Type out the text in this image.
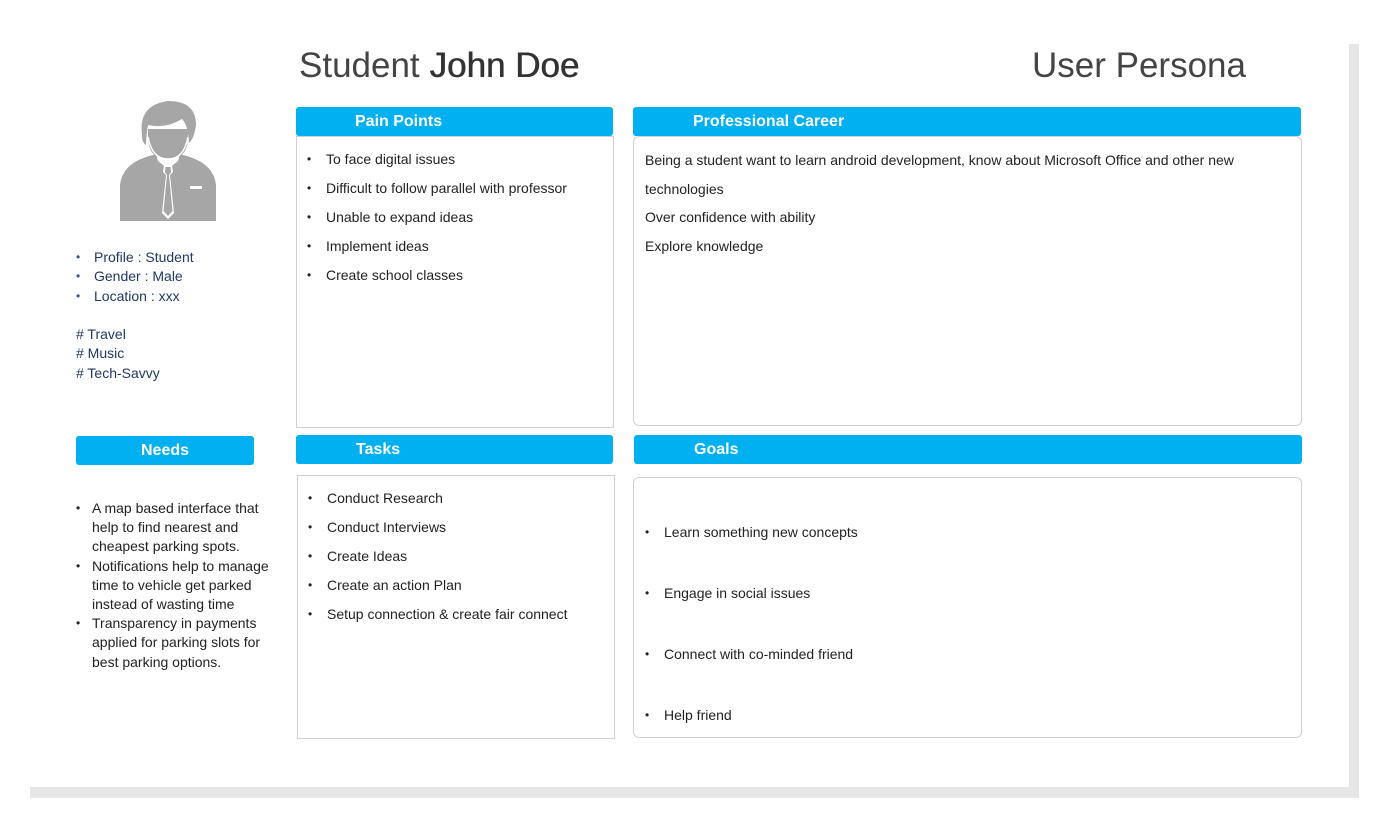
Student John Doe	User Persona
• Profile : Student
• Gender : Male
• Location : xxx
# Travel
# Music
# Tech-Savvy
Pain Points
• To face digital issues
• Difficult to follow parallel with professor
• Unable to expand ideas
• Implement ideas
• Create school classes
Professional Career

Being a student want to learn android development, know about Microsoft Office and other new

technologies

Over confidence with ability

Explore knowledge

Needs
• A map based interface that help to find nearest and cheapest parking spots.
• Notifications help to manage time to vehicle get parked instead of wasting time
• Transparency in payments applied for parking slots for best parking options.
Tasks
• Conduct Research
• Conduct Interviews
• Create Ideas
• Create an action Plan
• Setup connection & create fair connect
Goals

• Learn something new concepts

• Engage in social issues

• Connect with co-minded friend

• Help friend
